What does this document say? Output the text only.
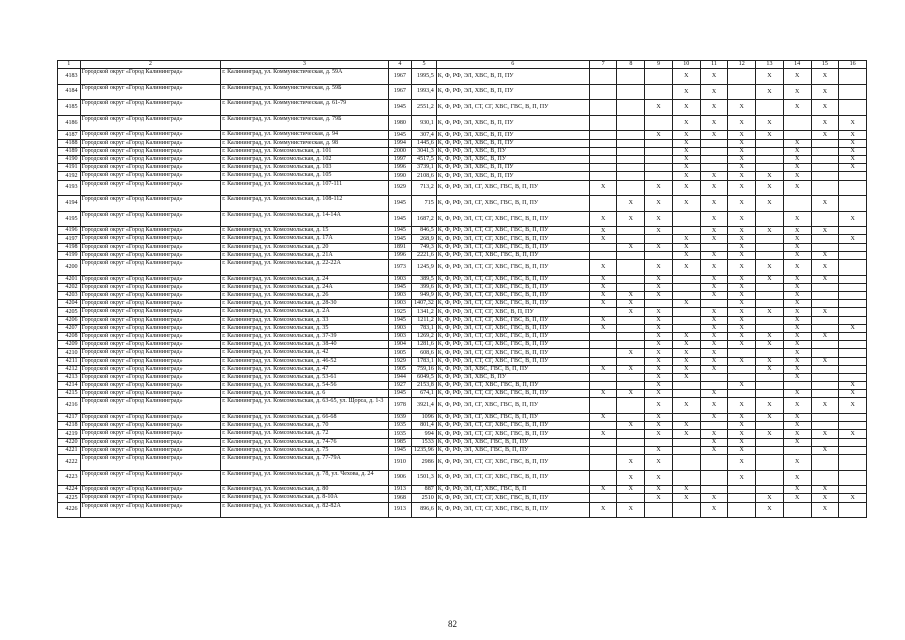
1	2	3	4	5	6	7	8	9	10	11	12	13	14	15	16
4183	Городской округ «Город Калининград»	г. Калининград, ул. Коммунистическая, д. 59А	1967	1995,5	К, Ф, РФ, ЭЛ, ХВС, В, П, ПУ				X	X		X	X	X	
4184	Городской округ «Город Калининград»	г. Калининград, ул. Коммунистическая, д. 59Б	1967	1993,4	К, Ф, РФ, ЭЛ, ХВС, В, П, ПУ				X	X		X	X	X	
4185	Городской округ «Город Калининград»	г. Калининград, ул. Коммунистическая, д. 61-79	1945	2551,2	К, Ф, РФ, ЭЛ, СТ, СГ, ХВС, ГВС, В, П, ПУ			X	X	X	X		X	X	
4186	Городской округ «Город Калининград»	г. Калининград, ул. Коммунистическая, д. 79Б	1980	930,1	К, Ф, РФ, ЭЛ, ХВС, В, П, ПУ				X	X	X	X		X	X
4187	Городской округ «Город Калининград»	г. Калининград, ул. Коммунистическая, д. 94	1945	307,4	К, Ф, РФ, ЭЛ, ХВС, В, П, ПУ			X	X	X	X	X		X	X
4188	Городской округ «Город Калининград»	г. Калининград, ул. Коммунистическая, д. 98	1994	1445,6	К, Ф, РФ, ЭЛ, ХВС, В, П, ПУ				X		X		X		X
4189	Городской округ «Город Калининград»	г. Калининград, ул. Комсомольская, д. 101	2000	3041,3	К, Ф, РФ, ЭЛ, ХВС, В, ПУ				X		X		X		X
4190	Городской округ «Город Калининград»	г. Калининград, ул. Комсомольская, д. 102	1997	4517,5	К, Ф, РФ, ЭЛ, ХВС, В, ПУ				X		X		X		X
4191	Городской округ «Город Калининград»	г. Калининград, ул. Комсомольская, д. 103	1996	3739,1	К, Ф, РФ, ЭЛ, ХВС, В, П, ПУ				X		X		X		X
4192	Городской округ «Город Калининград»	г. Калининград, ул. Комсомольская, д. 105	1990	2108,6	К, Ф, РФ, ЭЛ, ХВС, В, П, ПУ				X	X	X	X	X		
4193	Городской округ «Город Калининград»	г. Калининград, ул. Комсомольская, д. 107-111	1929	713,2	К, Ф, РФ, ЭЛ, СГ, ХВС, ГВС, В, П, ПУ	X		X	X	X	X	X	X		
4194	Городской округ «Город Калининград»	г. Калининград, ул. Комсомольская, д. 108-112	1945	715	К, Ф, РФ, ЭЛ, СГ, ХВС, ГВС, В, П, ПУ		X	X	X	X	X	X		X	
4195	Городской округ «Город Калининград»	г. Калининград, ул. Комсомольская, д. 14-14А	1945	1687,2	К, Ф, РФ, ЭЛ, СТ, СГ, ХВС, ГВС, В, П, ПУ	X	X	X		X	X		X		X
4196	Городской округ «Город Калининград»	г. Калининград, ул. Комсомольская, д. 15	1945	846,5	К, Ф, РФ, ЭЛ, СТ, СГ, ХВС, ГВС, В, П, ПУ	X		X		X	X	X	X	X	
4197	Городской округ «Город Калининград»	г. Калининград, ул. Комсомольская, д. 17А	1945	268,9	К, Ф, РФ, ЭЛ, СТ, СГ, ХВС, ГВС, В, П, ПУ	X			X	X	X		X		X
4198	Городской округ «Город Калининград»	г. Калининград, ул. Комсомольская, д. 20	1891	749,3	К, Ф, РФ, ЭЛ, СТ, СГ, ХВС, ГВС, В, П, ПУ		X	X	X		X		X		
4199	Городской округ «Город Калининград»	г. Калининград, ул. Комсомольская, д. 21А	1996	2221,6	К, Ф, РФ, ЭЛ, СТ, ХВС, ГВС, В, П, ПУ				X	X	X		X	X	
4200	Городской округ «Город Калининград»	г. Калининград, ул. Комсомольская, д. 22-22А	1973	1245,9	К, Ф, РФ, ЭЛ, СТ, СГ, ХВС, ГВС, В, П, ПУ	X		X	X	X	X	X	X	X	
4201	Городской округ «Город Калининград»	г. Калининград, ул. Комсомольская, д. 24	1903	389,5	К, Ф, РФ, ЭЛ, СТ, СГ, ХВС, ГВС, В, П, ПУ	X		X		X	X	X	X	X	
4202	Городской округ «Город Калининград»	г. Калининград, ул. Комсомольская, д. 24А	1945	399,6	К, Ф, РФ, ЭЛ, СТ, СГ, ХВС, ГВС, В, П, ПУ	X		X		X	X		X		
4203	Городской округ «Город Калининград»	г. Калининград, ул. Комсомольская, д. 26	1903	949,9	К, Ф, РФ, ЭЛ, СТ, СГ, ХВС, ГВС, В, П, ПУ	X	X	X		X	X		X		
4204	Городской округ «Город Калининград»	г. Калининград, ул. Комсомольская, д. 28-30	1903	1407,32	К, Ф, РФ, ЭЛ, СТ, СГ, ХВС, ГВС, В, П, ПУ	X	X		X		X		X		
4205	Городской округ «Город Калининград»	г. Калининград, ул. Комсомольская, д. 2А	1925	1341,2	К, Ф, РФ, ЭЛ, СТ, СГ, ХВС, В, П, ПУ		X	X		X	X	X	X	X	
4206	Городской округ «Город Калининград»	г. Калининград, ул. Комсомольская, д. 33	1945	1211,2	К, Ф, РФ, ЭЛ, СТ, СГ, ХВС, ГВС, В, П, ПУ	X		X		X	X		X		
4207	Городской округ «Город Калининград»	г. Калининград, ул. Комсомольская, д. 35	1903	783,1	К, Ф, РФ, ЭЛ, СТ, СГ, ХВС, ГВС, В, П, ПУ	X		X		X	X		X		X
4208	Городской округ «Город Калининград»	г. Калининград, ул. Комсомольская, д. 37-39	1903	1269,2	К, Ф, РФ, ЭЛ, СТ, СГ, ХВС, ГВС, В, П, ПУ			X	X	X	X	X	X	X	
4209	Городской округ «Город Калининград»	г. Калининград, ул. Комсомольская, д. 38-40	1904	1281,6	К, Ф, РФ, ЭЛ, СТ, СГ, ХВС, ГВС, В, П, ПУ			X	X	X	X	X	X		
4210	Городской округ «Город Калининград»	г. Калининград, ул. Комсомольская, д. 42	1905	608,6	К, Ф, РФ, ЭЛ, СТ, СГ, ХВС, ГВС, В, П, ПУ		X	X	X	X			X		
4211	Городской округ «Город Калининград»	г. Калининград, ул. Комсомольская, д. 46-52	1929	1783,1	К, Ф, РФ, ЭЛ, СТ, СГ, ХВС, ГВС, В, П, ПУ			X	X	X	X	X	X	X	
4212	Городской округ «Город Калининград»	г. Калининград, ул. Комсомольская, д. 47	1905	759,16	К, Ф, РФ, ЭЛ, ХВС, ГВС, В, П, ПУ	X	X	X	X	X		X	X		
4213	Городской округ «Город Калининград»	г. Калининград, ул. Комсомольская, д. 53-61	1944	6049,5	К, Ф, РФ, ЭЛ, ХВС, В, ПУ			X	X				X		
4214	Городской округ «Город Калининград»	г. Калининград, ул. Комсомольская, д. 54-56	1927	2153,8	К, Ф, РФ, ЭЛ, СТ, ХВС, ГВС, В, П, ПУ			X			X				X
4215	Городской округ «Город Калининград»	г. Калининград, ул. Комсомольская, д. 6	1945	674,1	К, Ф, РФ, ЭЛ, СТ, СГ, ХВС, ГВС, В, П, ПУ	X	X	X		X			X		X
4216	Городской округ «Город Калининград»	г. Калининград, ул. Комсомольская, д. 63-65, ул. Щорса, д. 1-3	1978	3921,4	К, Ф, РФ, ЭЛ, СГ, ХВС, ГВС, В, П, ПУ			X	X	X	X	X	X	X	X
4217	Городской округ «Город Калининград»	г. Калининград, ул. Комсомольская, д. 66-68	1939	1096	К, Ф, РФ, ЭЛ, СГ, ХВС, ГВС, В, П, ПУ	X		X		X	X	X	X		
4218	Городской округ «Город Калининград»	г. Калининград, ул. Комсомольская, д. 70	1935	801,4	К, Ф, РФ, ЭЛ, СТ, СГ, ХВС, ГВС, В, П, ПУ		X	X	X		X		X		
4219	Городской округ «Город Калининград»	г. Калининград, ул. Комсомольская, д. 72	1935	994	К, Ф, РФ, ЭЛ, СТ, СГ, ХВС, ГВС, В, П, ПУ	X		X	X	X	X	X	X	X	X
4220	Городской округ «Город Калининград»	г. Калининград, ул. Комсомольская, д. 74-76	1985	1533	К, Ф, РФ, ЭЛ, ХВС, ГВС, В, П, ПУ					X	X		X		
4221	Городской округ «Город Калининград»	г. Калининград, ул. Комсомольская, д. 75	1945	1235,96	К, Ф, РФ, ЭЛ, ХВС, ГВС, В, П, ПУ			X		X	X			X	
4222	Городской округ «Город Калининград»	г. Калининград, ул. Комсомольская, д. 77-79А	1910	2986	К, Ф, РФ, ЭЛ, СТ, СГ, ХВС, ГВС, В, П, ПУ		X	X			X		X		
4223	Городской округ «Город Калининград»	г. Калининград, ул. Комсомольская, д. 78, ул. Чехова, д. 24	1906	1501,3	К, Ф, РФ, ЭЛ, СТ, СГ, ХВС, ГВС, В, П, ПУ		X	X			X		X		
4224	Городской округ «Город Калининград»	г. Калининград, ул. Комсомольская, д. 80	1913	887	К, Ф, РФ, ЭЛ, СГ, ХВС, ГВС, В, П	X	X	X	X				X	X	
4225	Городской округ «Город Калининград»	г. Калининград, ул. Комсомольская, д. 8-10А	1968	2510	К, Ф, РФ, ЭЛ, СТ, СГ, ХВС, ГВС, В, П, ПУ			X	X	X		X	X	X	X
4226	Городской округ «Город Калининград»	г. Калининград, ул. Комсомольская, д. 82-82А	1913	896,6	К, Ф, РФ, ЭЛ, СТ, СГ, ХВС, ГВС, В, П, ПУ	X	X			X		X		X	
82
